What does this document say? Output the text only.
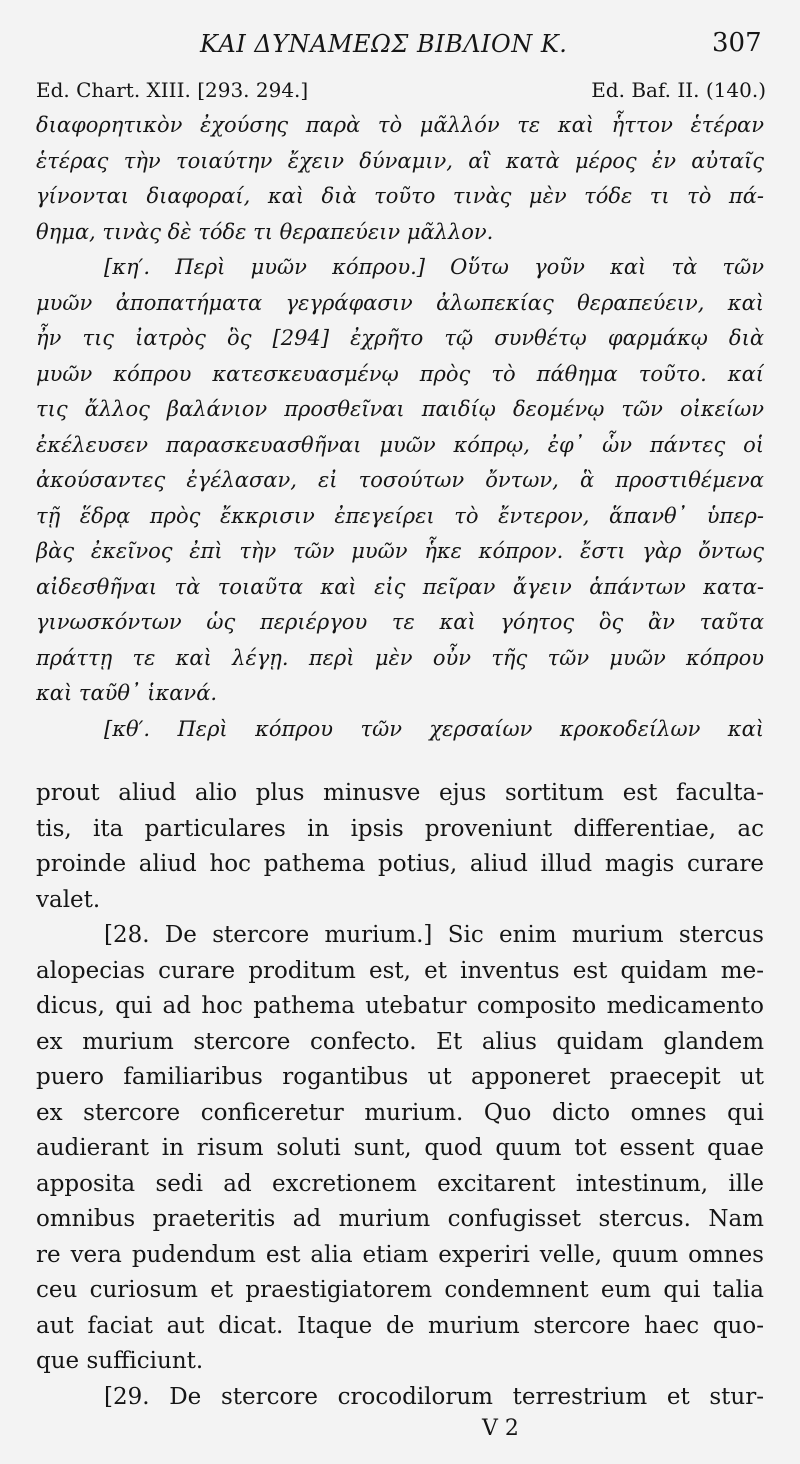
ΚΑΙ ΔΥΝΑΜΕΩΣ ΒΙΒΛΙΟΝ Κ.	307
Ed. Chart. XIII. [293. 294.]	Ed. Baf. II. (140.)
διαφορητικὸν ἐχούσης παρὰ τὸ μᾶλλόν τε καὶ ἧττον ἑτέραν
ἑτέρας τὴν τοιαύτην ἔχειν δύναμιν, αἳ κατὰ μέρος ἐν αὐταῖς
γίνονται διαφοραί, καὶ διὰ τοῦτο τινὰς μὲν τόδε τι τὸ πά-
θημα, τινὰς δὲ τόδε τι θεραπεύειν μᾶλλον.
[κη′. Περὶ μυῶν κόπρου.] Οὕτω γοῦν καὶ τὰ τῶν
μυῶν ἀποπατήματα γεγράφασιν ἀλωπεκίας θεραπεύειν, καὶ
ἦν τις ἰατρὸς ὃς [294] ἐχρῆτο τῷ συνθέτῳ φαρμάκῳ διὰ
μυῶν κόπρου κατεσκευασμένῳ πρὸς τὸ πάθημα τοῦτο. καί
τις ἄλλος βαλάνιον προσθεῖναι παιδίῳ δεομένῳ τῶν οἰκείων
ἐκέλευσεν παρασκευασθῆναι μυῶν κόπρῳ, ἐφ᾽ ὧν πάντες οἱ
ἀκούσαντες ἐγέλασαν, εἰ τοσούτων ὄντων, ἃ προστιθέμενα
τῇ ἕδρᾳ πρὸς ἔκκρισιν ἐπεγείρει τὸ ἔντερον, ἅπανθ᾽ ὑπερ-
βὰς ἐκεῖνος ἐπὶ τὴν τῶν μυῶν ἧκε κόπρον. ἔστι γὰρ ὄντως
αἰδεσθῆναι τὰ τοιαῦτα καὶ εἰς πεῖραν ἄγειν ἁπάντων κατα-
γινωσκόντων ὡς περιέργου τε καὶ γόητος ὃς ἂν ταῦτα
πράττῃ τε καὶ λέγῃ. περὶ μὲν οὖν τῆς τῶν μυῶν κόπρου
καὶ ταῦθ᾽ ἱκανά.
[κθ′. Περὶ κόπρου τῶν χερσαίων κροκοδείλων καὶ
prout aliud alio plus minusve ejus sortitum est faculta-
tis, ita particulares in ipsis proveniunt differentiae, ac
proinde aliud hoc pathema potius, aliud illud magis curare
valet.
[28. De stercore murium.] Sic enim murium stercus
alopecias curare proditum est, et inventus est quidam me-
dicus, qui ad hoc pathema utebatur composito medicamento
ex murium stercore confecto. Et alius quidam glandem
puero familiaribus rogantibus ut apponeret praecepit ut
ex stercore conficeretur murium. Quo dicto omnes qui
audierant in risum soluti sunt, quod quum tot essent quae
apposita sedi ad excretionem excitarent intestinum, ille
omnibus praeteritis ad murium confugisset stercus. Nam
re vera pudendum est alia etiam experiri velle, quum omnes
ceu curiosum et praestigiatorem condemnent eum qui talia
aut faciat aut dicat. Itaque de murium stercore haec quo-
que sufficiunt.
[29. De stercore crocodilorum terrestrium et stur-
V 2
